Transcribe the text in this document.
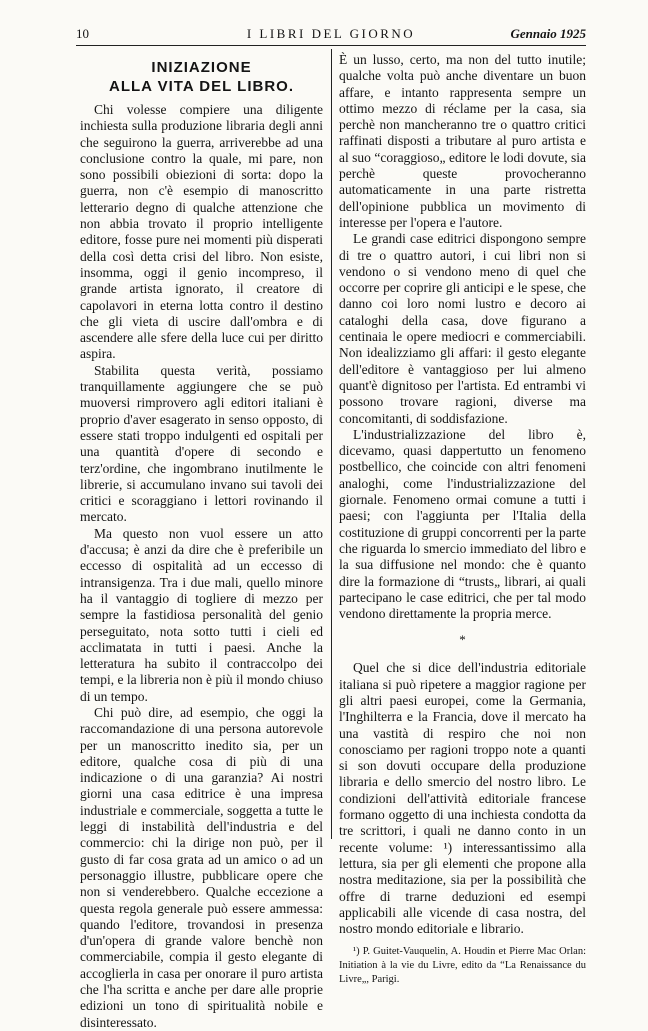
10	I LIBRI DEL GIORNO	Gennaio 1925
INIZIAZIONE
ALLA VITA DEL LIBRO.

Chi volesse compiere una diligente inchiesta sulla produzione libraria degli anni che seguirono la guerra, arriverebbe ad una conclusione contro la quale, mi pare, non sono possibili obiezioni di sorta: dopo la guerra, non c'è esempio di manoscritto letterario degno di qualche attenzione che non abbia trovato il proprio intelligente editore, fosse pure nei momenti più disperati della così detta crisi del libro. Non esiste, insomma, oggi il genio incompreso, il grande artista ignorato, il creatore di capolavori in eterna lotta contro il destino che gli vieta di uscire dall'ombra e di ascendere alle sfere della luce cui per diritto aspira.

Stabilita questa verità, possiamo tranquillamente aggiungere che se può muoversi rimprovero agli editori italiani è proprio d'aver esagerato in senso opposto, di essere stati troppo indulgenti ed ospitali per una quantità d'opere di secondo e terz'ordine, che ingombrano inutilmente le librerie, si accumulano invano sui tavoli dei critici e scoraggiano i lettori rovinando il mercato.

Ma questo non vuol essere un atto d'accusa; è anzi da dire che è preferibile un eccesso di ospitalità ad un eccesso di intransigenza. Tra i due mali, quello minore ha il vantaggio di togliere di mezzo per sempre la fastidiosa personalità del genio perseguitato, nota sotto tutti i cieli ed acclimatata in tutti i paesi. Anche la letteratura ha subito il contraccolpo dei tempi, e la libreria non è più il mondo chiuso di un tempo.

Chi può dire, ad esempio, che oggi la raccomandazione di una persona autorevole per un manoscritto inedito sia, per un editore, qualche cosa di più di una indicazione o di una garanzia? Ai nostri giorni una casa editrice è una impresa industriale e commerciale, soggetta a tutte le leggi di instabilità dell'industria e del commercio: chi la dirige non può, per il gusto di far cosa grata ad un amico o ad un personaggio illustre, pubblicare opere che non si venderebbero. Qualche eccezione a questa regola generale può essere ammessa: quando l'editore, trovandosi in presenza d'un'opera di grande valore benchè non commerciabile, compia il gesto elegante di accoglierla in casa per onorare il puro artista che l'ha scritta e anche per dare alle proprie edizioni un tono di spiritualità nobile e disinteressato.

È un lusso, certo, ma non del tutto inutile; qualche volta può anche diventare un buon affare, e intanto rappresenta sempre un ottimo mezzo di réclame per la casa, sia perchè non mancheranno tre o quattro critici raffinati disposti a tributare al puro artista e al suo “coraggioso„ editore le lodi dovute, sia perchè queste provocheranno automaticamente in una parte ristretta dell'opinione pubblica un movimento di interesse per l'opera e l'autore.

Le grandi case editrici dispongono sempre di tre o quattro autori, i cui libri non si vendono o si vendono meno di quel che occorre per coprire gli anticipi e le spese, che danno coi loro nomi lustro e decoro ai cataloghi della casa, dove figurano a centinaia le opere mediocri e commerciabili. Non idealizziamo gli affari: il gesto elegante dell'editore è vantaggioso per lui almeno quant'è dignitoso per l'artista. Ed entrambi vi possono trovare ragioni, diverse ma concomitanti, di soddisfazione.

L'industrializzazione del libro è, dicevamo, quasi dappertutto un fenomeno postbellico, che coincide con altri fenomeni analoghi, come l'industrializzazione del giornale. Fenomeno ormai comune a tutti i paesi; con l'aggiunta per l'Italia della costituzione di gruppi concorrenti per la parte che riguarda lo smercio immediato del libro e la sua diffusione nel mondo: che è quanto dire la formazione di “trusts„ librari, ai quali partecipano le case editrici, che per tal modo vendono direttamente la propria merce.

*

Quel che si dice dell'industria editoriale italiana si può ripetere a maggior ragione per gli altri paesi europei, come la Germania, l'Inghilterra e la Francia, dove il mercato ha una vastità di respiro che noi non conosciamo per ragioni troppo note a quanti si son dovuti occupare della produzione libraria e dello smercio del nostro libro. Le condizioni dell'attività editoriale francese formano oggetto di una inchiesta condotta da tre scrittori, i quali ne danno conto in un recente volume: ¹) interessantissimo alla lettura, sia per gli elementi che propone alla nostra meditazione, sia per la possibilità che offre di trarne deduzioni ed esempi applicabili alle vicende di casa nostra, del nostro mondo editoriale e librario.

¹) P. Guitet-Vauquelin, A. Houdin et Pierre Mac Orlan: Initiation à la vie du Livre, edito da “La Renaissance du Livre„, Parigi.
